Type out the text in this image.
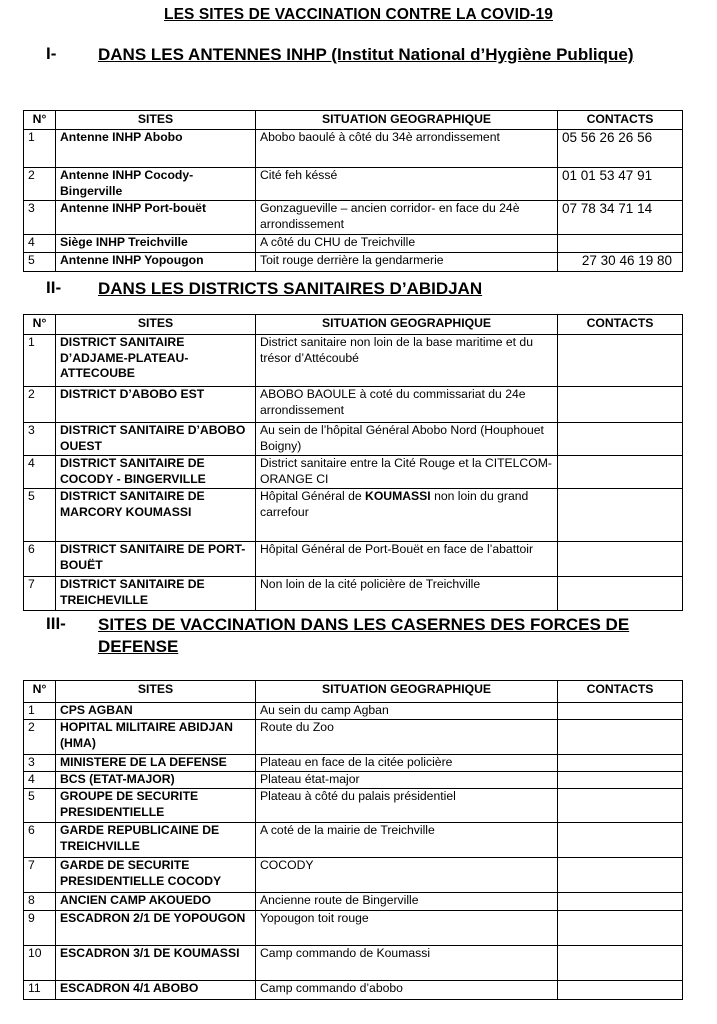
LES SITES DE VACCINATION CONTRE LA COVID-19
I- DANS LES ANTENNES INHP (Institut National d’Hygiène Publique)
N°	SITES	SITUATION GEOGRAPHIQUE	CONTACTS
1	Antenne INHP Abobo	Abobo baoulé à côté du 34è arrondissement	05 56 26 26 56
2	Antenne INHP Cocody-Bingerville	Cité feh késsé	01 01 53 47 91
3	Antenne INHP Port-bouët	Gonzagueville – ancien corridor- en face du 24è arrondissement	07 78 34 71 14
4	Siège INHP Treichville	A côté du CHU de Treichville	
5	Antenne INHP Yopougon	Toit rouge derrière la gendarmerie	27 30 46 19 80
II- DANS LES DISTRICTS SANITAIRES D’ABIDJAN
N°	SITES	SITUATION GEOGRAPHIQUE	CONTACTS
1	DISTRICT SANITAIRE D’ADJAME-PLATEAU-ATTECOUBE	District sanitaire non loin de la base maritime et du trésor d’Attécoubé	
2	DISTRICT D’ABOBO EST	ABOBO BAOULE à coté du commissariat du 24e arrondissement	
3	DISTRICT SANITAIRE D’ABOBO OUEST	Au sein de l’hôpital Général Abobo Nord (Houphouet Boigny)	
4	DISTRICT SANITAIRE DE COCODY - BINGERVILLE	District sanitaire entre la Cité Rouge et la CITELCOM-ORANGE CI	
5	DISTRICT SANITAIRE DE MARCORY KOUMASSI	Hôpital Général de KOUMASSI non loin du grand carrefour	
6	DISTRICT SANITAIRE DE PORT-BOUËT	Hôpital Général de Port-Bouët en face de l’abattoir	
7	DISTRICT SANITAIRE DE TREICHEVILLE	Non loin de la cité policière de Treichville	
III- SITES DE VACCINATION DANS LES CASERNES DES FORCES DE DEFENSE
N°	SITES	SITUATION GEOGRAPHIQUE	CONTACTS
1	CPS AGBAN	Au sein du camp Agban	
2	HOPITAL MILITAIRE ABIDJAN (HMA)	Route du Zoo	
3	MINISTERE DE LA DEFENSE	Plateau en face de la citée policière	
4	BCS (ETAT-MAJOR)	Plateau état-major	
5	GROUPE DE SECURITE PRESIDENTIELLE	Plateau à côté du palais présidentiel	
6	GARDE REPUBLICAINE DE TREICHVILLE	A coté de la mairie de Treichville	
7	GARDE DE SECURITE PRESIDENTIELLE COCODY	COCODY	
8	ANCIEN CAMP AKOUEDO	Ancienne route de Bingerville	
9	ESCADRON 2/1 DE YOPOUGON	Yopougon toit rouge	
10	ESCADRON 3/1 DE KOUMASSI	Camp commando de Koumassi	
11	ESCADRON 4/1 ABOBO	Camp commando d’abobo	
